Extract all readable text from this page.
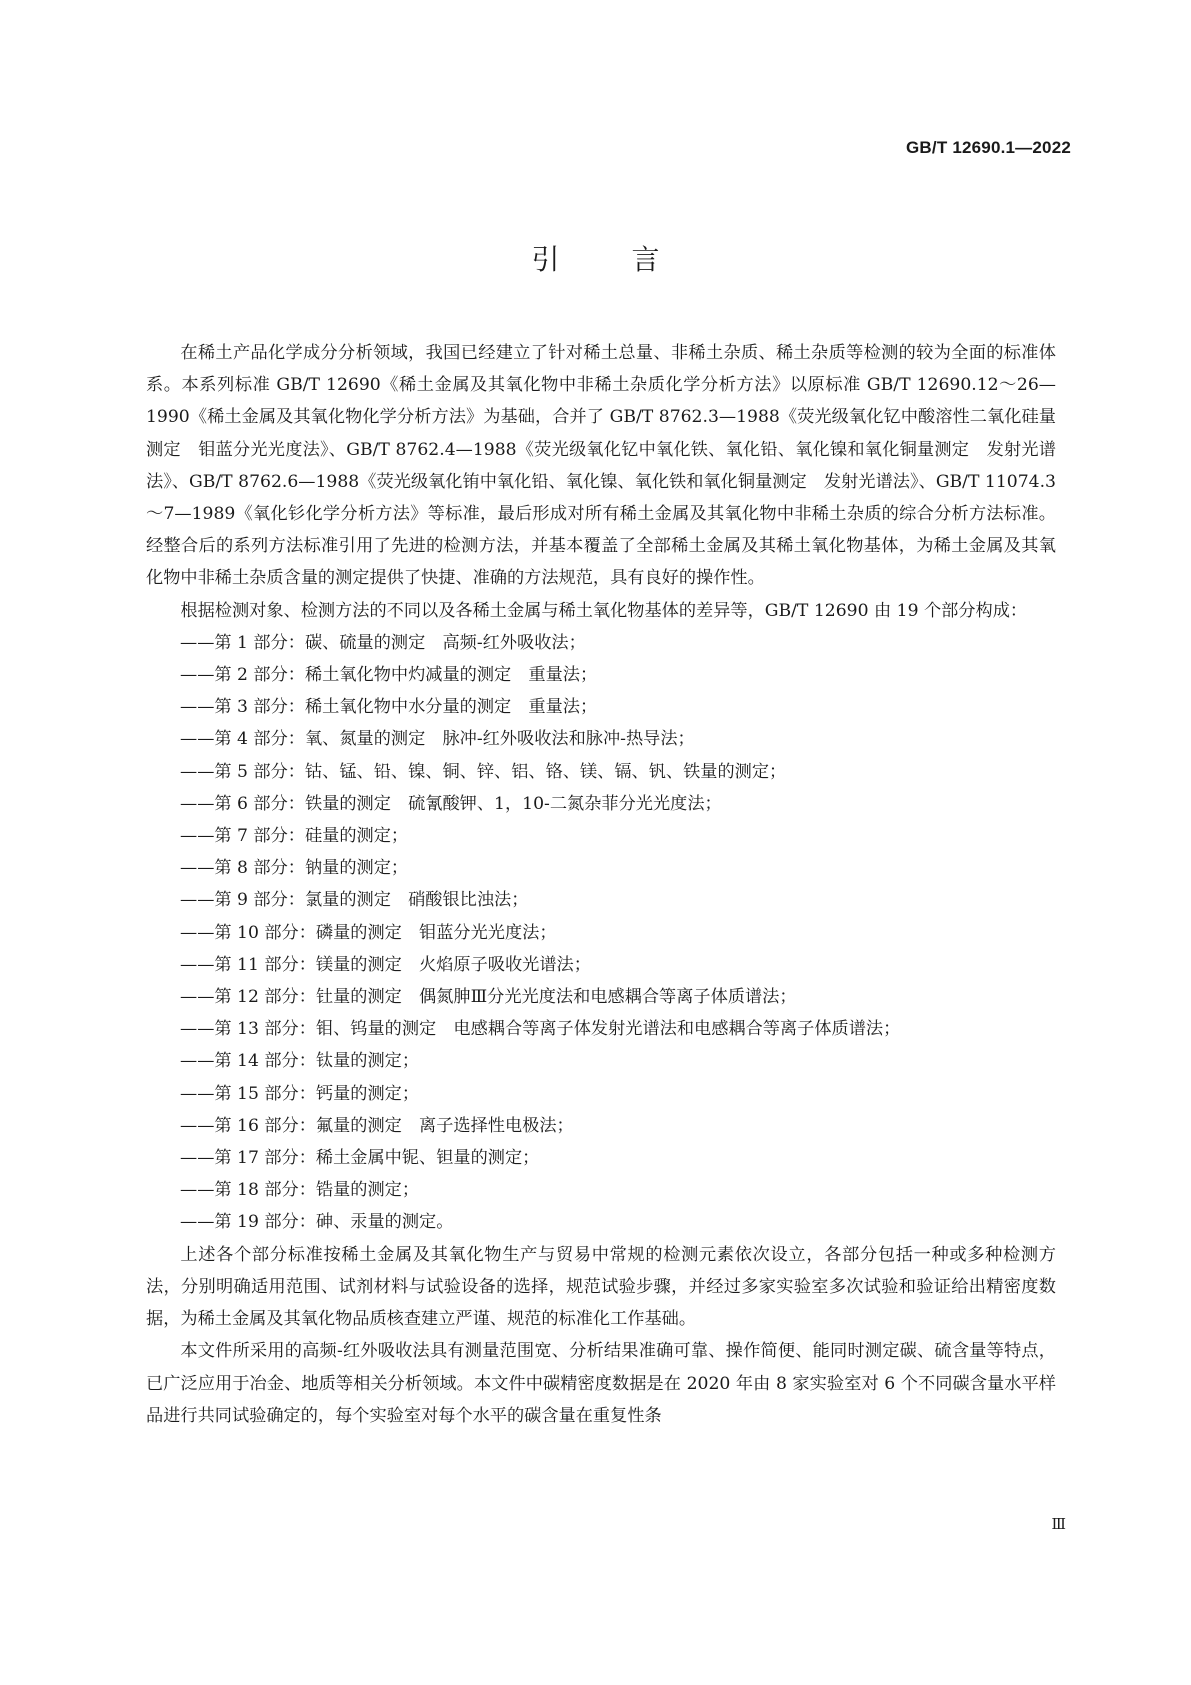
GB/T 12690.1—2022
引	言

在稀土产品化学成分分析领域，我国已经建立了针对稀土总量、非稀土杂质、稀土杂质等检测的较为全面的标准体系。本系列标准 GB/T 12690《稀土金属及其氧化物中非稀土杂质化学分析方法》以原标准 GB/T 12690.12～26—1990《稀土金属及其氧化物化学分析方法》为基础，合并了 GB/T 8762.3—1988《荧光级氧化钇中酸溶性二氧化硅量测定　钼蓝分光光度法》、GB/T 8762.4—1988《荧光级氧化钇中氧化铁、氧化铅、氧化镍和氧化铜量测定　发射光谱法》、GB/T 8762.6—1988《荧光级氧化铕中氧化铅、氧化镍、氧化铁和氧化铜量测定　发射光谱法》、GB/T 11074.3～7—1989《氧化钐化学分析方法》等标准，最后形成对所有稀土金属及其氧化物中非稀土杂质的综合分析方法标准。经整合后的系列方法标准引用了先进的检测方法，并基本覆盖了全部稀土金属及其稀土氧化物基体，为稀土金属及其氧化物中非稀土杂质含量的测定提供了快捷、准确的方法规范，具有良好的操作性。

根据检测对象、检测方法的不同以及各稀土金属与稀土氧化物基体的差异等，GB/T 12690 由 19 个部分构成：

——第 1 部分：碳、硫量的测定　高频-红外吸收法；
——第 2 部分：稀土氧化物中灼减量的测定　重量法；
——第 3 部分：稀土氧化物中水分量的测定　重量法；
——第 4 部分：氧、氮量的测定　脉冲-红外吸收法和脉冲-热导法；
——第 5 部分：钴、锰、铅、镍、铜、锌、铝、铬、镁、镉、钒、铁量的测定；
——第 6 部分：铁量的测定　硫氰酸钾、1，10-二氮杂菲分光光度法；
——第 7 部分：硅量的测定；
——第 8 部分：钠量的测定；
——第 9 部分：氯量的测定　硝酸银比浊法；
——第 10 部分：磷量的测定　钼蓝分光光度法；
——第 11 部分：镁量的测定　火焰原子吸收光谱法；
——第 12 部分：钍量的测定　偶氮胂Ⅲ分光光度法和电感耦合等离子体质谱法；
——第 13 部分：钼、钨量的测定　电感耦合等离子体发射光谱法和电感耦合等离子体质谱法；
——第 14 部分：钛量的测定；
——第 15 部分：钙量的测定；
——第 16 部分：氟量的测定　离子选择性电极法；
——第 17 部分：稀土金属中铌、钽量的测定；
——第 18 部分：锆量的测定；
——第 19 部分：砷、汞量的测定。

上述各个部分标准按稀土金属及其氧化物生产与贸易中常规的检测元素依次设立，各部分包括一种或多种检测方法，分别明确适用范围、试剂材料与试验设备的选择，规范试验步骤，并经过多家实验室多次试验和验证给出精密度数据，为稀土金属及其氧化物品质核查建立严谨、规范的标准化工作基础。

本文件所采用的高频-红外吸收法具有测量范围宽、分析结果准确可靠、操作简便、能同时测定碳、硫含量等特点，已广泛应用于冶金、地质等相关分析领域。本文件中碳精密度数据是在 2020 年由 8 家实验室对 6 个不同碳含量水平样品进行共同试验确定的，每个实验室对每个水平的碳含量在重复性条

Ⅲ
